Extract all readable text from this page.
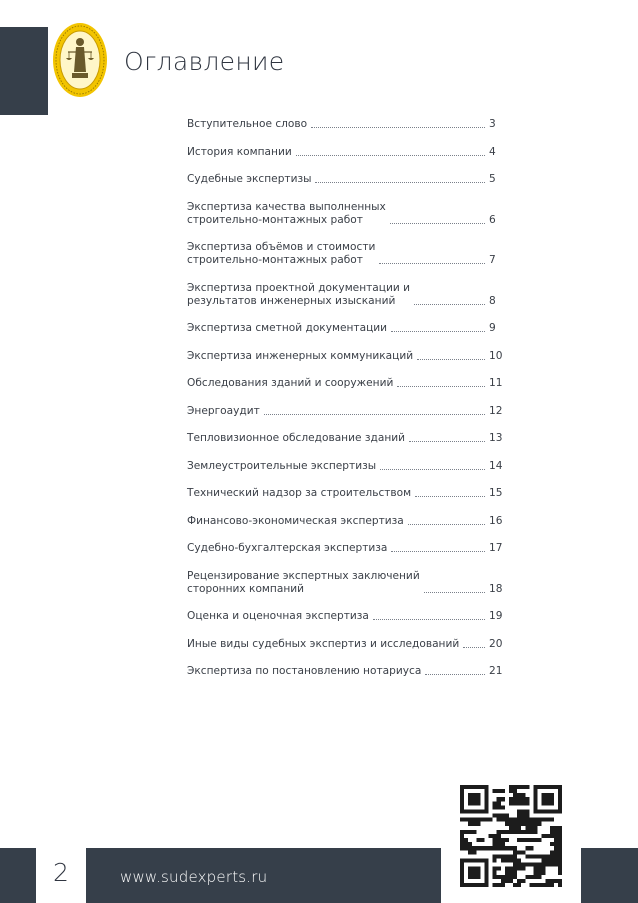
Оглавление
Вступительное слово	3
История компании	4
Судебные экспертизы	5
Экспертиза качества выполненных
строительно-монтажных работ	6
Экспертиза объёмов и стоимости
строительно-монтажных работ	7
Экспертиза проектной документации и
результатов инженерных изысканий	8
Экспертиза сметной документации	9
Экспертиза инженерных коммуникаций	10
Обследования зданий и сооружений	11
Энергоаудит	12
Тепловизионное обследование зданий	13
Землеустроительные экспертизы	14
Технический надзор за строительством	15
Финансово-экономическая экспертиза	16
Судебно-бухгалтерская экспертиза	17
Рецензирование экспертных заключений
сторонних компаний	18
Оценка и оценочная экспертиза	19
Иные виды судебных экспертиз и исследований	20
Экспертиза по постановлению нотариуса	21
2	www.sudexperts.ru
